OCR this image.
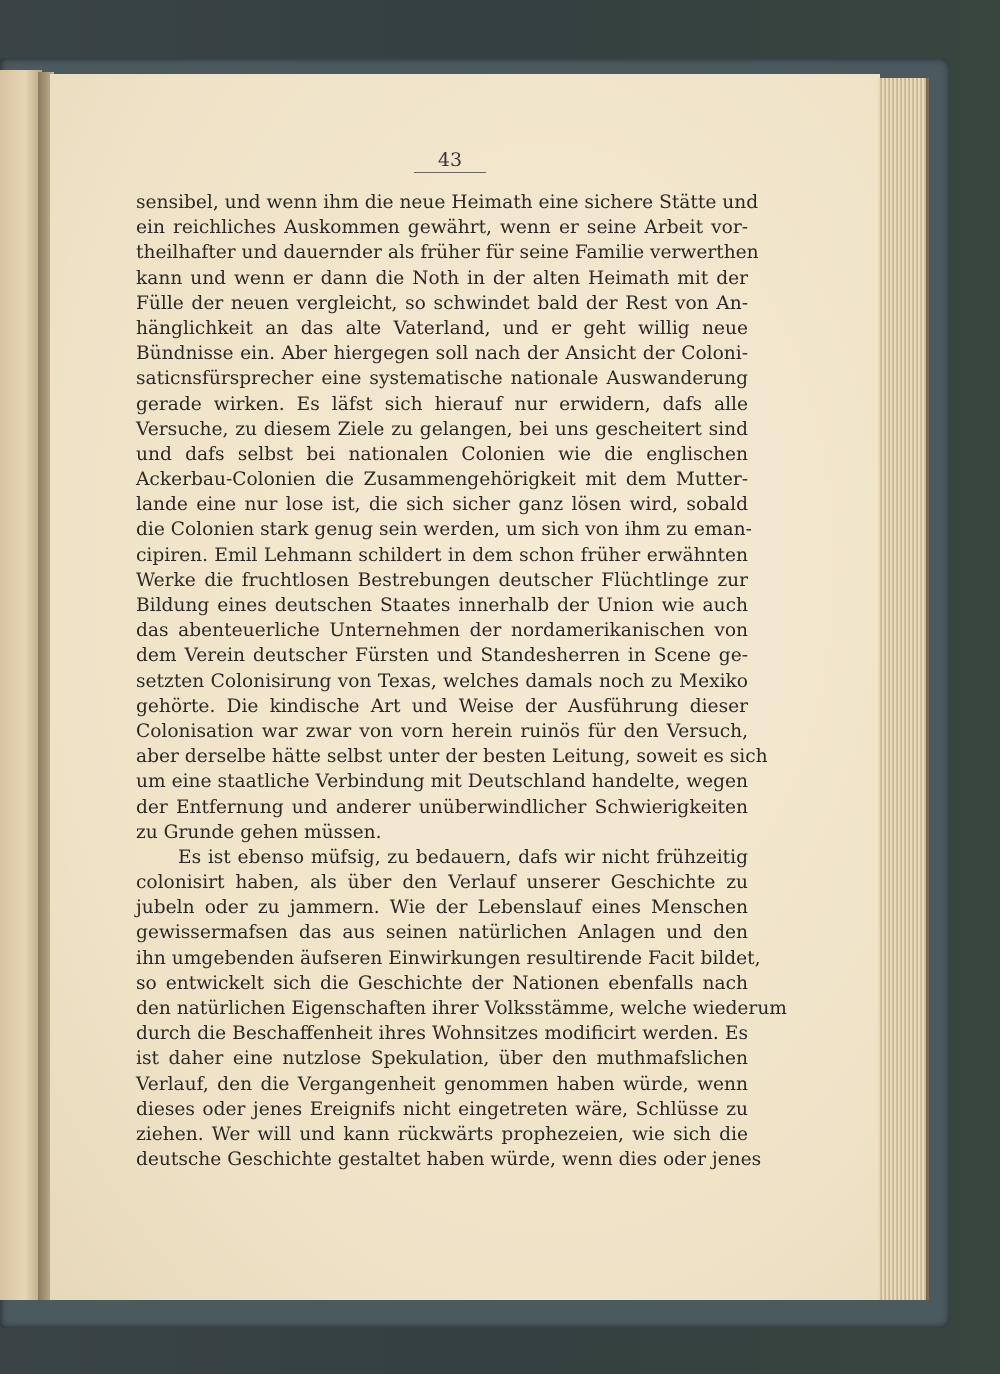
43
sensibel, und wenn ihm die neue Heimath eine sichere Stätte und
ein reichliches Auskommen gewährt, wenn er seine Arbeit vor-
theilhafter und dauernder als früher für seine Familie verwerthen
kann und wenn er dann die Noth in der alten Heimath mit der
Fülle der neuen vergleicht, so schwindet bald der Rest von An-
hänglichkeit an das alte Vaterland, und er geht willig neue
Bündnisse ein. Aber hiergegen soll nach der Ansicht der Coloni-
saticnsfürsprecher eine systematische nationale Auswanderung
gerade wirken. Es läfst sich hierauf nur erwidern, dafs alle
Versuche, zu diesem Ziele zu gelangen, bei uns gescheitert sind
und dafs selbst bei nationalen Colonien wie die englischen
Ackerbau-Colonien die Zusammengehörigkeit mit dem Mutter-
lande eine nur lose ist, die sich sicher ganz lösen wird, sobald
die Colonien stark genug sein werden, um sich von ihm zu eman-
cipiren. Emil Lehmann schildert in dem schon früher erwähnten
Werke die fruchtlosen Bestrebungen deutscher Flüchtlinge zur
Bildung eines deutschen Staates innerhalb der Union wie auch
das abenteuerliche Unternehmen der nordamerikanischen von
dem Verein deutscher Fürsten und Standesherren in Scene ge-
setzten Colonisirung von Texas, welches damals noch zu Mexiko
gehörte. Die kindische Art und Weise der Ausführung dieser
Colonisation war zwar von vorn herein ruinös für den Versuch,
aber derselbe hätte selbst unter der besten Leitung, soweit es sich
um eine staatliche Verbindung mit Deutschland handelte, wegen
der Entfernung und anderer unüberwindlicher Schwierigkeiten
zu Grunde gehen müssen.
Es ist ebenso müfsig, zu bedauern, dafs wir nicht frühzeitig
colonisirt haben, als über den Verlauf unserer Geschichte zu
jubeln oder zu jammern. Wie der Lebenslauf eines Menschen
gewissermafsen das aus seinen natürlichen Anlagen und den
ihn umgebenden äufseren Einwirkungen resultirende Facit bildet,
so entwickelt sich die Geschichte der Nationen ebenfalls nach
den natürlichen Eigenschaften ihrer Volksstämme, welche wiederum
durch die Beschaffenheit ihres Wohnsitzes modificirt werden. Es
ist daher eine nutzlose Spekulation, über den muthmafslichen
Verlauf, den die Vergangenheit genommen haben würde, wenn
dieses oder jenes Ereignifs nicht eingetreten wäre, Schlüsse zu
ziehen. Wer will und kann rückwärts prophezeien, wie sich die
deutsche Geschichte gestaltet haben würde, wenn dies oder jenes
